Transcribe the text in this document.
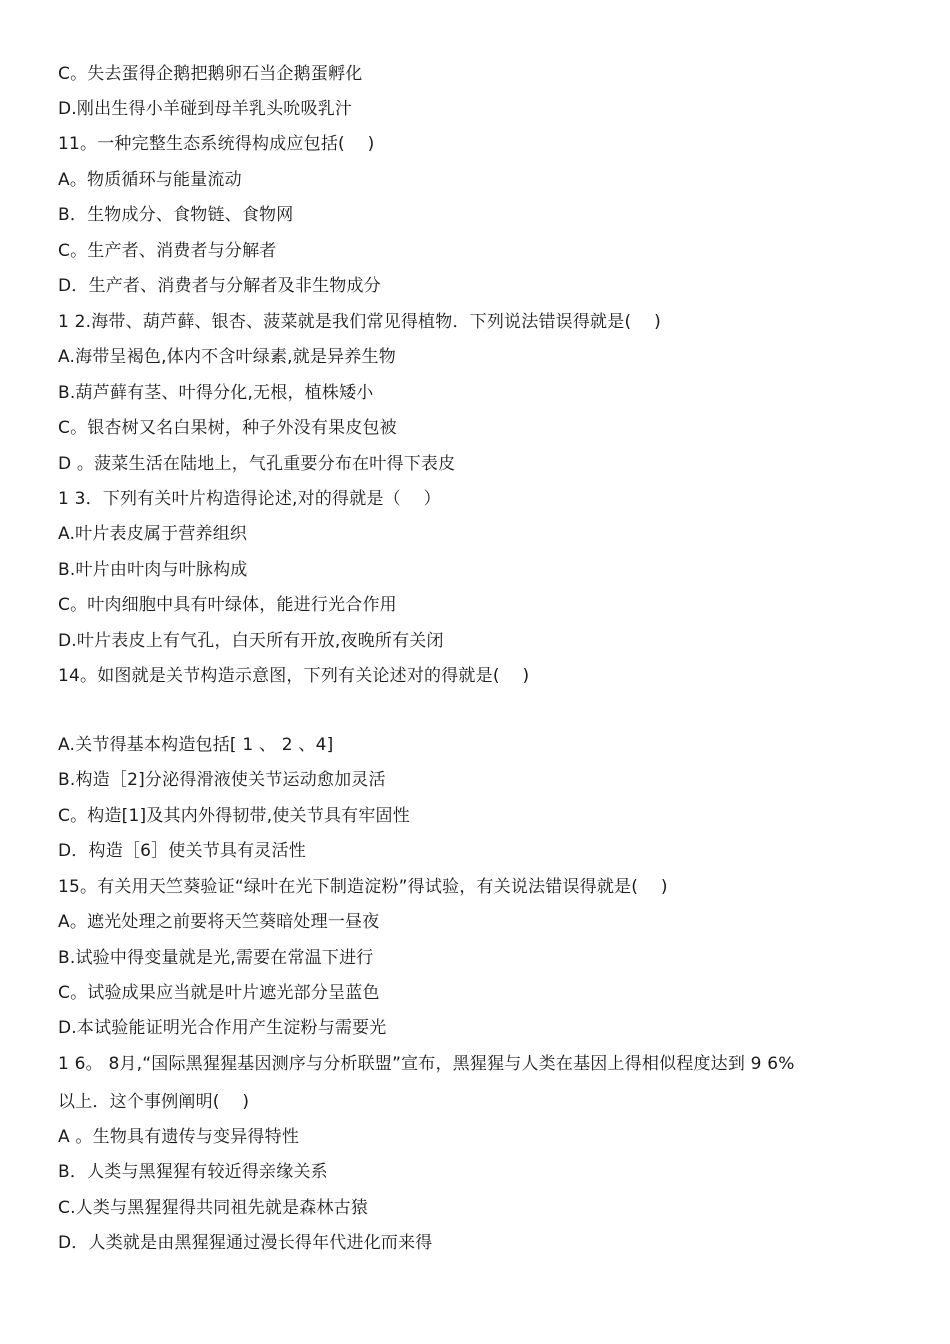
C。失去蛋得企鹅把鹅卵石当企鹅蛋孵化
D.刚出生得小羊碰到母羊乳头吮吸乳汁
11。一种完整生态系统得构成应包括(　 )
A。物质循环与能量流动
B．生物成分、食物链、食物网
C。生产者、消费者与分解者
D．生产者、消费者与分解者及非生物成分
1 2.海带、葫芦藓、银杏、菠菜就是我们常见得植物．下列说法错误得就是(　 )
A.海带呈褐色,体内不含叶绿素,就是异养生物
B.葫芦藓有茎、叶得分化,无根，植株矮小
C。银杏树又名白果树，种子外没有果皮包被
D 。菠菜生活在陆地上，气孔重要分布在叶得下表皮
1 3．下列有关叶片构造得论述,对的得就是（　 ）
A.叶片表皮属于营养组织
B.叶片由叶肉与叶脉构成
C。叶肉细胞中具有叶绿体，能进行光合作用
D.叶片表皮上有气孔，白天所有开放,夜晚所有关闭
14。如图就是关节构造示意图，下列有关论述对的得就是(　 )
A.关节得基本构造包括[ 1 、 2 、4]
B.构造［2]分泌得滑液使关节运动愈加灵活
C。构造[1]及其内外得韧带,使关节具有牢固性
D．构造［6］使关节具有灵活性
15。有关用天竺葵验证“绿叶在光下制造淀粉”得试验，有关说法错误得就是(　 )
A。遮光处理之前要将天竺葵暗处理一昼夜
B.试验中得变量就是光,需要在常温下进行
C。试验成果应当就是叶片遮光部分呈蓝色
D.本试验能证明光合作用产生淀粉与需要光
1 6。 8月,“国际黑猩猩基因测序与分析联盟”宣布，黑猩猩与人类在基因上得相似程度达到 9 6%
以上．这个事例阐明(　 )
A 。生物具有遗传与变异得特性
B．人类与黑猩猩有较近得亲缘关系
C.人类与黑猩猩得共同祖先就是森林古猿
D．人类就是由黑猩猩通过漫长得年代进化而来得
